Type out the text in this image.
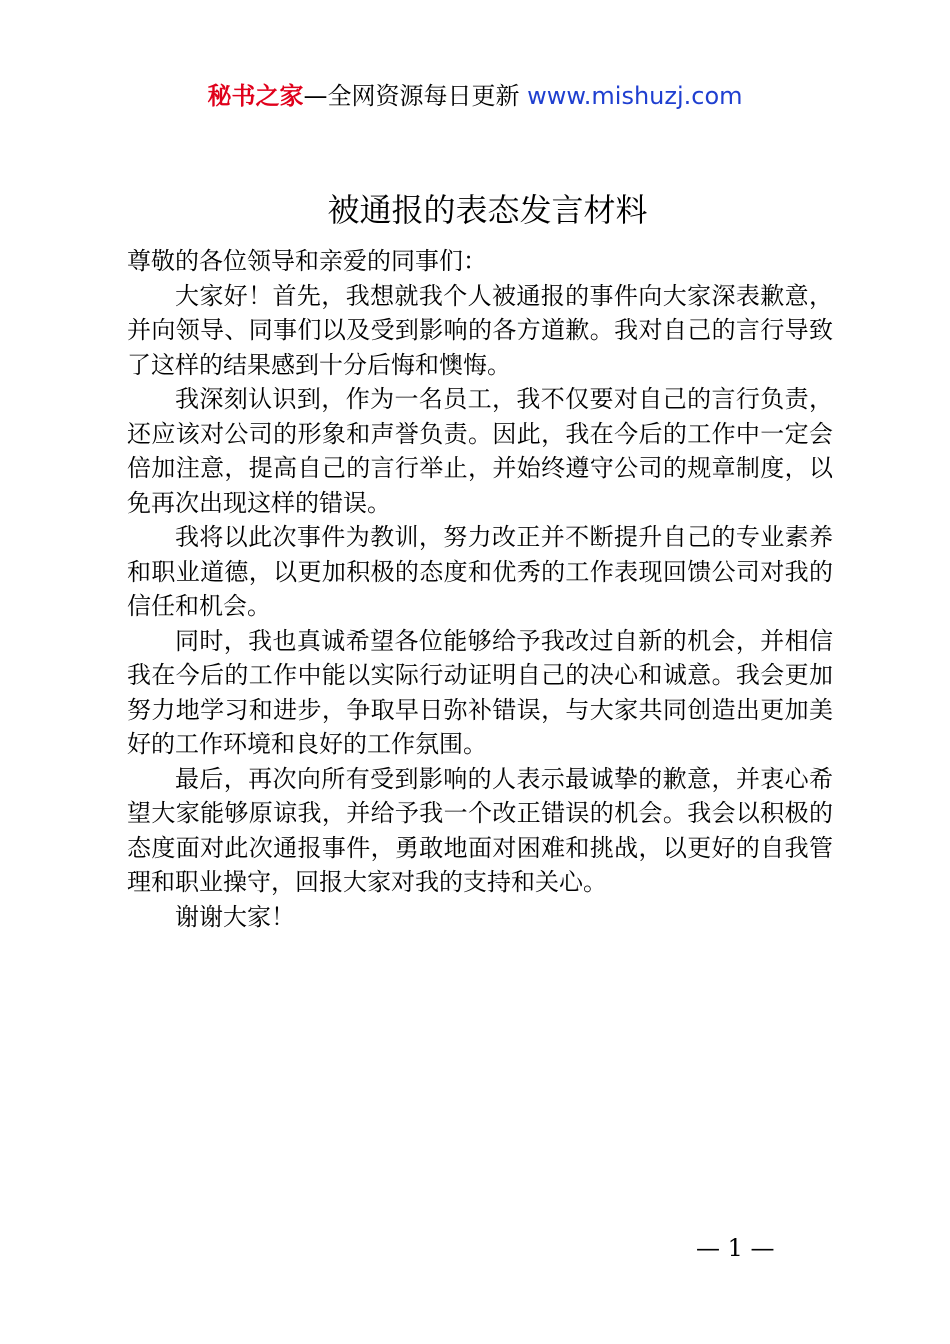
秘书之家—全网资源每日更新 www.mishuzj.com
被通报的表态发言材料

尊敬的各位领导和亲爱的同事们：

大家好！首先，我想就我个人被通报的事件向大家深表歉意，并向领导、同事们以及受到影响的各方道歉。我对自己的言行导致了这样的结果感到十分后悔和懊悔。

我深刻认识到，作为一名员工，我不仅要对自己的言行负责，还应该对公司的形象和声誉负责。因此，我在今后的工作中一定会倍加注意，提高自己的言行举止，并始终遵守公司的规章制度，以免再次出现这样的错误。

我将以此次事件为教训，努力改正并不断提升自己的专业素养和职业道德，以更加积极的态度和优秀的工作表现回馈公司对我的信任和机会。

同时，我也真诚希望各位能够给予我改过自新的机会，并相信我在今后的工作中能以实际行动证明自己的决心和诚意。我会更加努力地学习和进步，争取早日弥补错误，与大家共同创造出更加美好的工作环境和良好的工作氛围。

最后，再次向所有受到影响的人表示最诚挚的歉意，并衷心希望大家能够原谅我，并给予我一个改正错误的机会。我会以积极的态度面对此次通报事件，勇敢地面对困难和挑战，以更好的自我管理和职业操守，回报大家对我的支持和关心。

谢谢大家！

— 1 —
